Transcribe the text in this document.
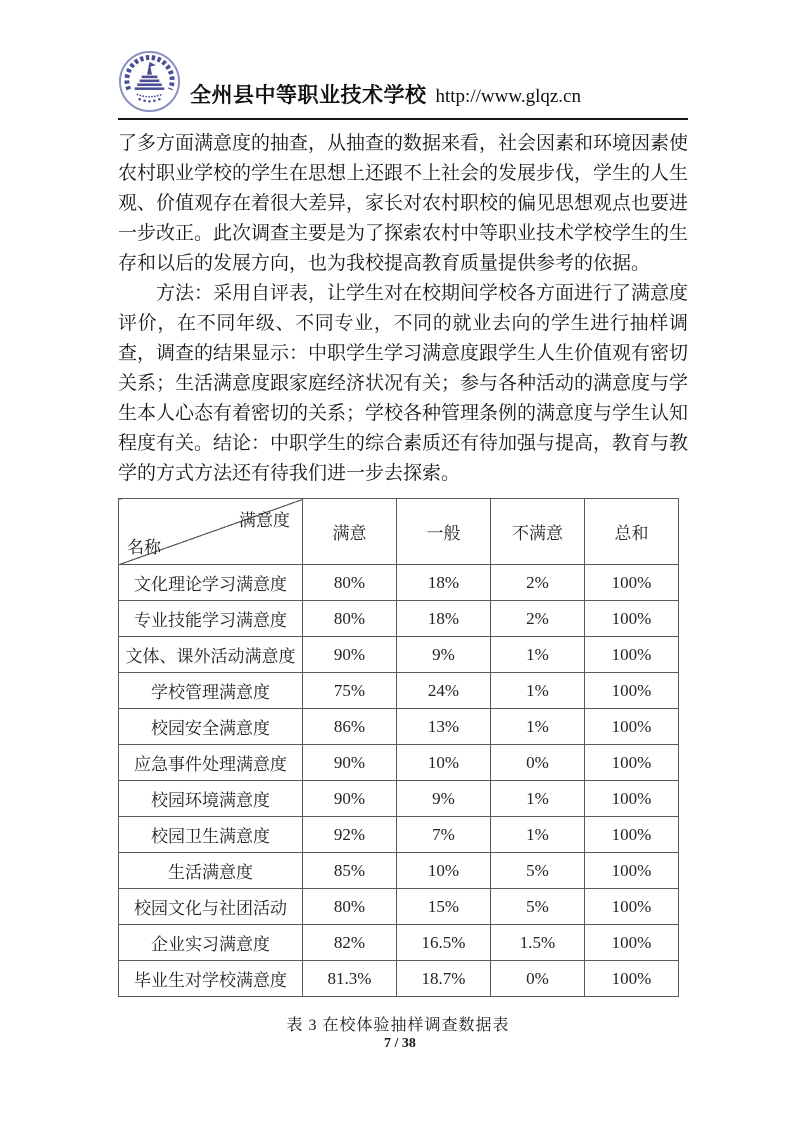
全州县中等职业技术学校 http://www.glqz.cn

了多方面满意度的抽查，从抽查的数据来看，社会因素和环境因素使农村职业学校的学生在思想上还跟不上社会的发展步伐，学生的人生观、价值观存在着很大差异，家长对农村职校的偏见思想观点也要进一步改正。此次调查主要是为了探索农村中等职业技术学校学生的生存和以后的发展方向，也为我校提高教育质量提供参考的依据。

方法：采用自评表，让学生对在校期间学校各方面进行了满意度评价，在不同年级、不同专业，不同的就业去向的学生进行抽样调查，调查的结果显示：中职学生学习满意度跟学生人生价值观有密切关系；生活满意度跟家庭经济状况有关；参与各种活动的满意度与学生本人心态有着密切的关系；学校各种管理条例的满意度与学生认知程度有关。结论：中职学生的综合素质还有待加强与提高，教育与教学的方式方法还有待我们进一步去探索。

满意度
名称	满意	一般	不满意	总和
文化理论学习满意度	80%	18%	2%	100%
专业技能学习满意度	80%	18%	2%	100%
文体、课外活动满意度	90%	9%	1%	100%
学校管理满意度	75%	24%	1%	100%
校园安全满意度	86%	13%	1%	100%
应急事件处理满意度	90%	10%	0%	100%
校园环境满意度	90%	9%	1%	100%
校园卫生满意度	92%	7%	1%	100%
生活满意度	85%	10%	5%	100%
校园文化与社团活动	80%	15%	5%	100%
企业实习满意度	82%	16.5%	1.5%	100%
毕业生对学校满意度	81.3%	18.7%	0%	100%
表 3 在校体验抽样调查数据表
7 / 38
